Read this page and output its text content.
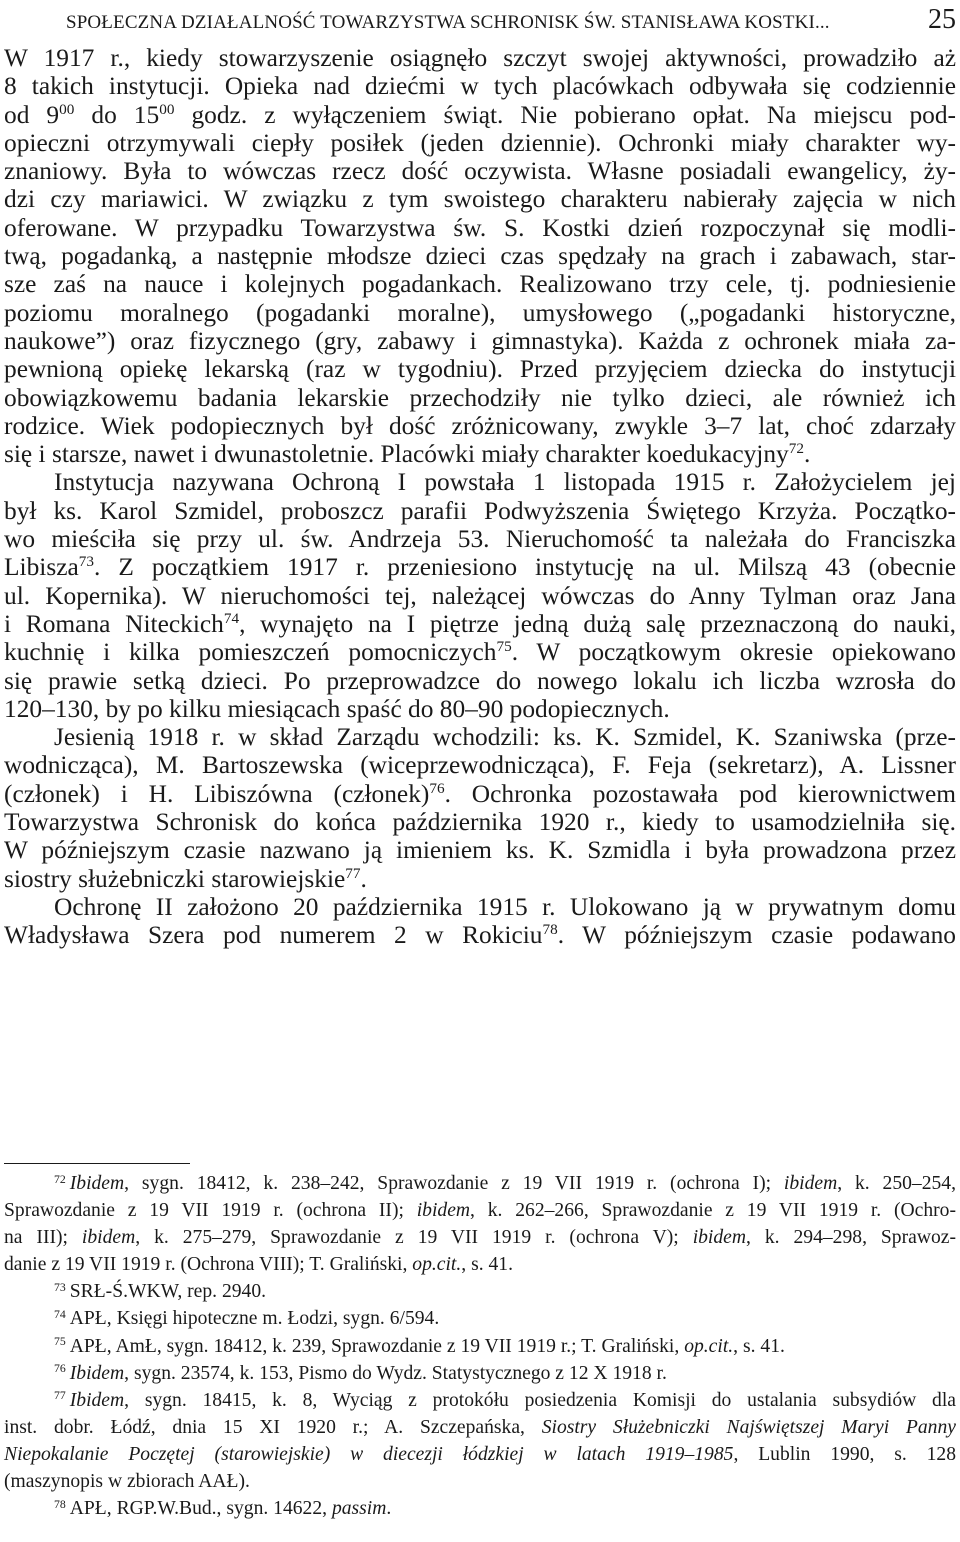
SPOŁECZNA DZIAŁALNOŚĆ TOWARZYSTWA SCHRONISK ŚW. STANISŁAWA KOSTKI...	25
W 1917 r., kiedy stowarzyszenie osiągnęło szczyt swojej aktywności, prowadziło aż
8 takich instytucji. Opieka nad dziećmi w tych placówkach odbywała się codziennie
od $9^{00}$ do $15^{00}$ godz. z wyłączeniem świąt. Nie pobierano opłat. Na miejscu pod-
opieczni otrzymywali ciepły posiłek (jeden dziennie). Ochronki miały charakter wy-
znaniowy. Była to wówczas rzecz dość oczywista. Własne posiadali ewangelicy, ży-
dzi czy mariawici. W związku z tym swoistego charakteru nabierały zajęcia w nich
oferowane. W przypadku Towarzystwa św. S. Kostki dzień rozpoczynał się modli-
twą, pogadanką, a następnie młodsze dzieci czas spędzały na grach i zabawach, star-
sze zaś na nauce i kolejnych pogadankach. Realizowano trzy cele, tj. podniesienie
poziomu moralnego (pogadanki moralne), umysłowego („pogadanki historyczne,
naukowe”) oraz fizycznego (gry, zabawy i gimnastyka). Każda z ochronek miała za-
pewnioną opiekę lekarską (raz w tygodniu). Przed przyjęciem dziecka do instytucji
obowiązkowemu badania lekarskie przechodziły nie tylko dzieci, ale również ich
rodzice. Wiek podopiecznych był dość zróżnicowany, zwykle 3–7 lat, choć zdarzały
się i starsze, nawet i dwunastoletnie. Placówki miały charakter koedukacyjny$^{72}$.
Instytucja nazywana Ochroną I powstała 1 listopada 1915 r. Założycielem jej
był ks. Karol Szmidel, proboszcz parafii Podwyższenia Świętego Krzyża. Początko-
wo mieściła się przy ul. św. Andrzeja 53. Nieruchomość ta należała do Franciszka
Libisza$^{73}$. Z początkiem 1917 r. przeniesiono instytucję na ul. Milszą 43 (obecnie
ul. Kopernika). W nieruchomości tej, należącej wówczas do Anny Tylman oraz Jana
i Romana Niteckich$^{74}$, wynajęto na I piętrze jedną dużą salę przeznaczoną do nauki,
kuchnię i kilka pomieszczeń pomocniczych$^{75}$. W początkowym okresie opiekowano
się prawie setką dzieci. Po przeprowadzce do nowego lokalu ich liczba wzrosła do
120–130, by po kilku miesiącach spaść do 80–90 podopiecznych.
Jesienią 1918 r. w skład Zarządu wchodzili: ks. K. Szmidel, K. Szaniwska (prze-
wodnicząca), M. Bartoszewska (wiceprzewodnicząca), F. Feja (sekretarz), A. Lissner
(członek) i H. Libiszówna (członek)$^{76}$. Ochronka pozostawała pod kierownictwem
Towarzystwa Schronisk do końca października 1920 r., kiedy to usamodzielniła się.
W późniejszym czasie nazwano ją imieniem ks. K. Szmidla i była prowadzona przez
siostry służebniczki starowiejskie$^{77}$.
Ochronę II założono 20 października 1915 r. Ulokowano ją w prywatnym domu
Władysława Szera pod numerem 2 w Rokiciu$^{78}$. W późniejszym czasie podawano
$^{72}$ Ibidem, sygn. 18412, k. 238–242, Sprawozdanie z 19 VII 1919 r. (ochrona I); ibidem, k. 250–254,
Sprawozdanie z 19 VII 1919 r. (ochrona II); ibidem, k. 262–266, Sprawozdanie z 19 VII 1919 r. (Ochro-
na III); ibidem, k. 275–279, Sprawozdanie z 19 VII 1919 r. (ochrona V); ibidem, k. 294–298, Sprawoz-
danie z 19 VII 1919 r. (Ochrona VIII); T. Graliński, op.cit., s. 41.
$^{73}$ SRŁ-Ś.WKW, rep. 2940.
$^{74}$ APŁ, Księgi hipoteczne m. Łodzi, sygn. 6/594.
$^{75}$ APŁ, AmŁ, sygn. 18412, k. 239, Sprawozdanie z 19 VII 1919 r.; T. Graliński, op.cit., s. 41.
$^{76}$ Ibidem, sygn. 23574, k. 153, Pismo do Wydz. Statystycznego z 12 X 1918 r.
$^{77}$ Ibidem, sygn. 18415, k. 8, Wyciąg z protokółu posiedzenia Komisji do ustalania subsydiów dla
inst. dobr. Łódź, dnia 15 XI 1920 r.; A. Szczepańska, Siostry Służebniczki Najświętszej Maryi Panny
Niepokalanie Poczętej (starowiejskie) w diecezji łódzkiej w latach 1919–1985, Lublin 1990, s. 128
(maszynopis w zbiorach AAŁ).
$^{78}$ APŁ, RGP.W.Bud., sygn. 14622, passim.
